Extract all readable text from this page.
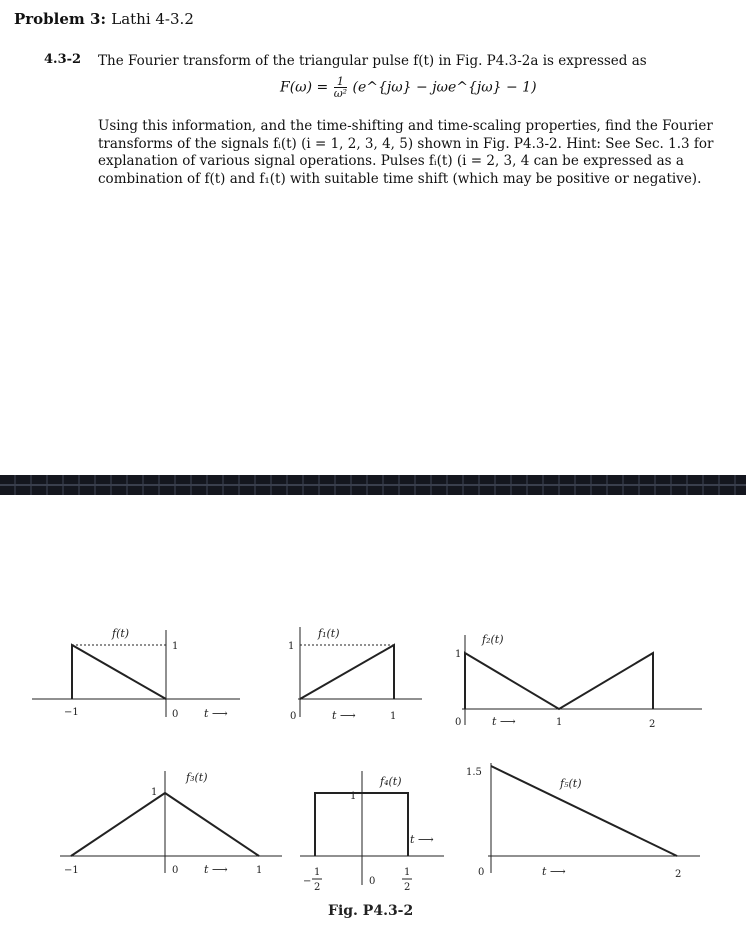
Problem 3: Lathi 4-3.2
4.3-2 The Fourier transform of the triangular pulse f(t) in Fig. P4.3-2a is expressed as
$F(\omega) = \frac{1}{\text{ω²}}$ (e^{jω} − jωe^{jω} − 1)
Using this information, and the time-shifting and time-scaling properties, find the Fourier transforms of the signals fᵢ(t) (i = 1, 2, 3, 4, 5) shown in Fig. P4.3-2. Hint: See Sec. 1.3 for explanation of various signal operations. Pulses fᵢ(t) (i = 2, 3, 4 can be expressed as a combination of f(t) and f₁(t) with suitable time shift (which may be positive or negative).
f(t)
1
−1	0 t ⟶
f₁(t)
1
0	t ⟶	1
f₂(t)
1
0	t ⟶	1	2
f₃(t)
1
−1	0 t ⟶	1
f₄(t)
1
t ⟶
−
1
2
0
1
2
f₅(t)
1.5
0	t ⟶	2
Fig. P4.3-2
